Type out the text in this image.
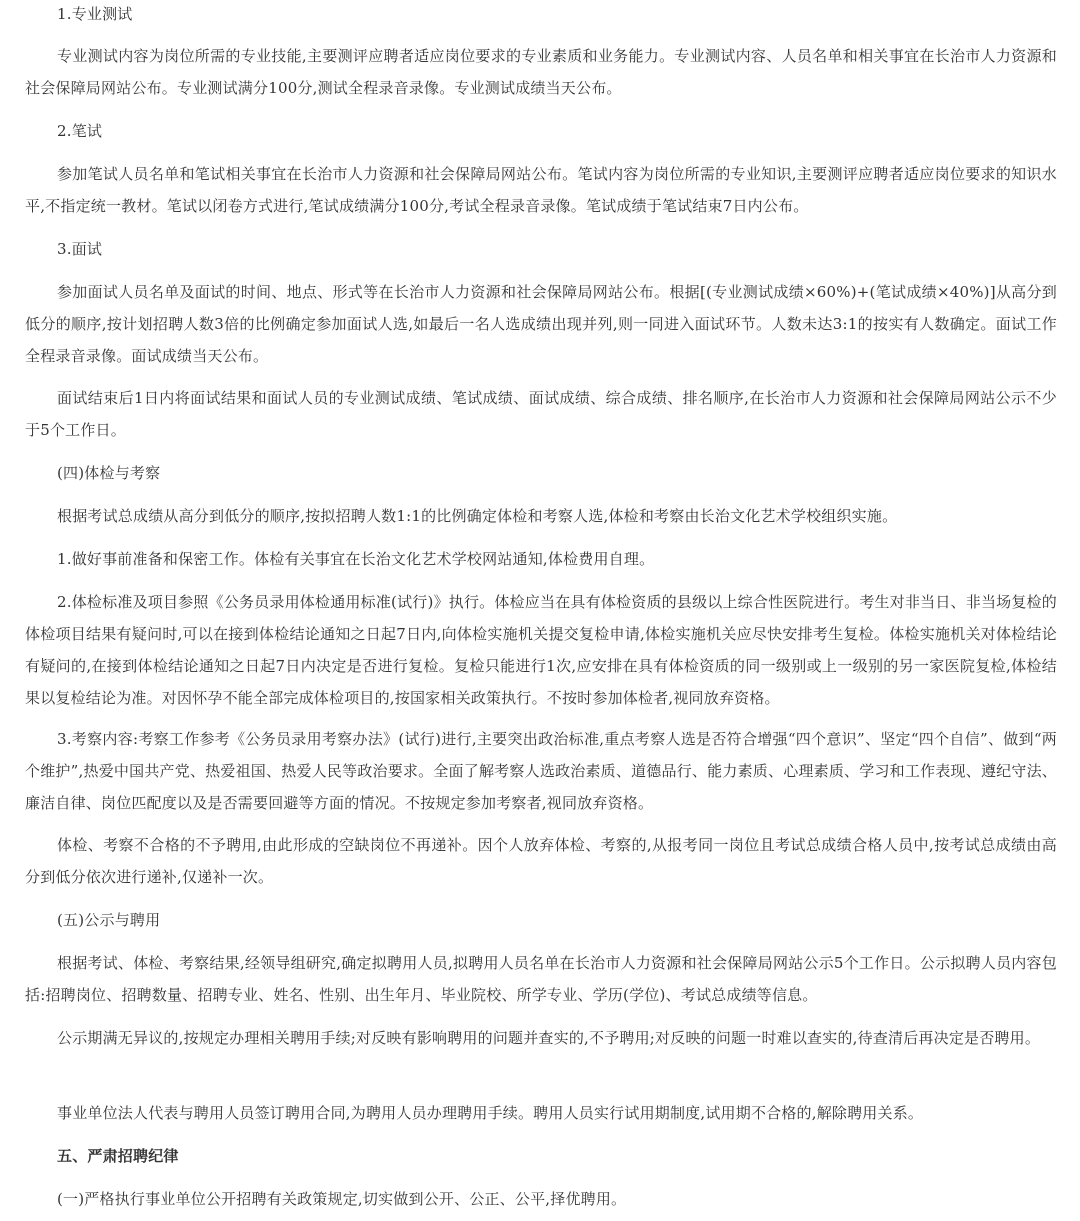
1.专业测试

专业测试内容为岗位所需的专业技能,主要测评应聘者适应岗位要求的专业素质和业务能力。专业测试内容、人员名单和相关事宜在长治市人力资源和社会保障局网站公布。专业测试满分100分,测试全程录音录像。专业测试成绩当天公布。

2.笔试

参加笔试人员名单和笔试相关事宜在长治市人力资源和社会保障局网站公布。笔试内容为岗位所需的专业知识,主要测评应聘者适应岗位要求的知识水平,不指定统一教材。笔试以闭卷方式进行,笔试成绩满分100分,考试全程录音录像。笔试成绩于笔试结束7日内公布。

3.面试

参加面试人员名单及面试的时间、地点、形式等在长治市人力资源和社会保障局网站公布。根据[(专业测试成绩×60%)+(笔试成绩×40%)]从高分到低分的顺序,按计划招聘人数3倍的比例确定参加面试人选,如最后一名人选成绩出现并列,则一同进入面试环节。人数未达3:1的按实有人数确定。面试工作全程录音录像。面试成绩当天公布。

面试结束后1日内将面试结果和面试人员的专业测试成绩、笔试成绩、面试成绩、综合成绩、排名顺序,在长治市人力资源和社会保障局网站公示不少于5个工作日。

(四)体检与考察

根据考试总成绩从高分到低分的顺序,按拟招聘人数1:1的比例确定体检和考察人选,体检和考察由长治文化艺术学校组织实施。

1.做好事前准备和保密工作。体检有关事宜在长治文化艺术学校网站通知,体检费用自理。

2.体检标准及项目参照《公务员录用体检通用标准(试行)》执行。体检应当在具有体检资质的县级以上综合性医院进行。考生对非当日、非当场复检的体检项目结果有疑问时,可以在接到体检结论通知之日起7日内,向体检实施机关提交复检申请,体检实施机关应尽快安排考生复检。体检实施机关对体检结论有疑问的,在接到体检结论通知之日起7日内决定是否进行复检。复检只能进行1次,应安排在具有体检资质的同一级别或上一级别的另一家医院复检,体检结果以复检结论为准。对因怀孕不能全部完成体检项目的,按国家相关政策执行。不按时参加体检者,视同放弃资格。

3.考察内容:考察工作参考《公务员录用考察办法》(试行)进行,主要突出政治标准,重点考察人选是否符合增强“四个意识”、坚定“四个自信”、做到“两个维护”,热爱中国共产党、热爱祖国、热爱人民等政治要求。全面了解考察人选政治素质、道德品行、能力素质、心理素质、学习和工作表现、遵纪守法、廉洁自律、岗位匹配度以及是否需要回避等方面的情况。不按规定参加考察者,视同放弃资格。

体检、考察不合格的不予聘用,由此形成的空缺岗位不再递补。因个人放弃体检、考察的,从报考同一岗位且考试总成绩合格人员中,按考试总成绩由高分到低分依次进行递补,仅递补一次。

(五)公示与聘用

根据考试、体检、考察结果,经领导组研究,确定拟聘用人员,拟聘用人员名单在长治市人力资源和社会保障局网站公示5个工作日。公示拟聘人员内容包括:招聘岗位、招聘数量、招聘专业、姓名、性别、出生年月、毕业院校、所学专业、学历(学位)、考试总成绩等信息。

公示期满无异议的,按规定办理相关聘用手续;对反映有影响聘用的问题并查实的,不予聘用;对反映的问题一时难以查实的,待查清后再决定是否聘用。

事业单位法人代表与聘用人员签订聘用合同,为聘用人员办理聘用手续。聘用人员实行试用期制度,试用期不合格的,解除聘用关系。

五、严肃招聘纪律

(一)严格执行事业单位公开招聘有关政策规定,切实做到公开、公正、公平,择优聘用。
